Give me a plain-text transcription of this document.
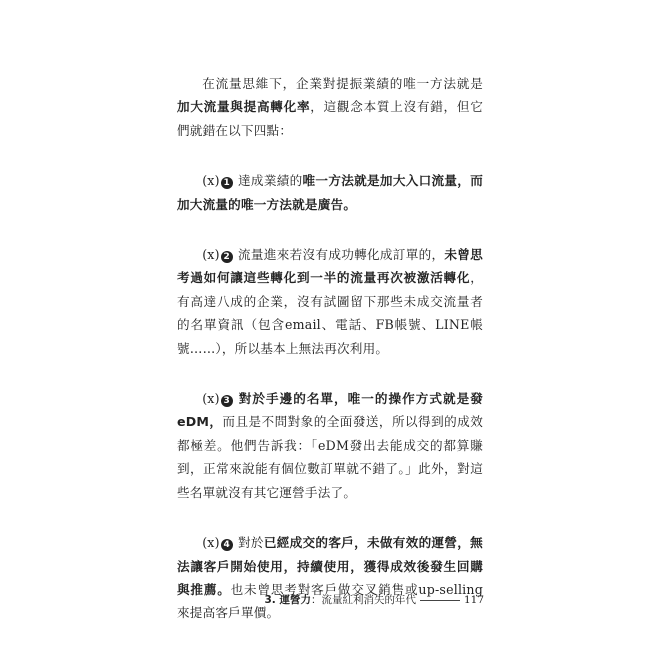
在流量思維下，企業對提振業績的唯一方法就是加大流量與提高轉化率，這觀念本質上沒有錯，但它們就錯在以下四點：

(x) 1 達成業績的唯一方法就是加大入口流量，而加大流量的唯一方法就是廣告。

(x) 2 流量進來若沒有成功轉化成訂單的，未曾思考過如何讓這些轉化到一半的流量再次被激活轉化，有高達八成的企業，沒有試圖留下那些未成交流量者的名單資訊（包含email、電話、FB帳號、LINE帳號……），所以基本上無法再次利用。

(x) 3 對於手邊的名單，唯一的操作方式就是發eDM，而且是不問對象的全面發送，所以得到的成效都極差。他們告訴我：「eDM發出去能成交的都算賺到，正常來說能有個位數訂單就不錯了。」此外，對這些名單就沒有其它運營手法了。

(x) 4 對於已經成交的客戶，未做有效的運營，無法讓客戶開始使用，持續使用，獲得成效後發生回購與推薦。也未曾思考對客戶做交叉銷售或up-selling來提高客戶單價。

3. 運營力：流量紅利消失的年代	117
